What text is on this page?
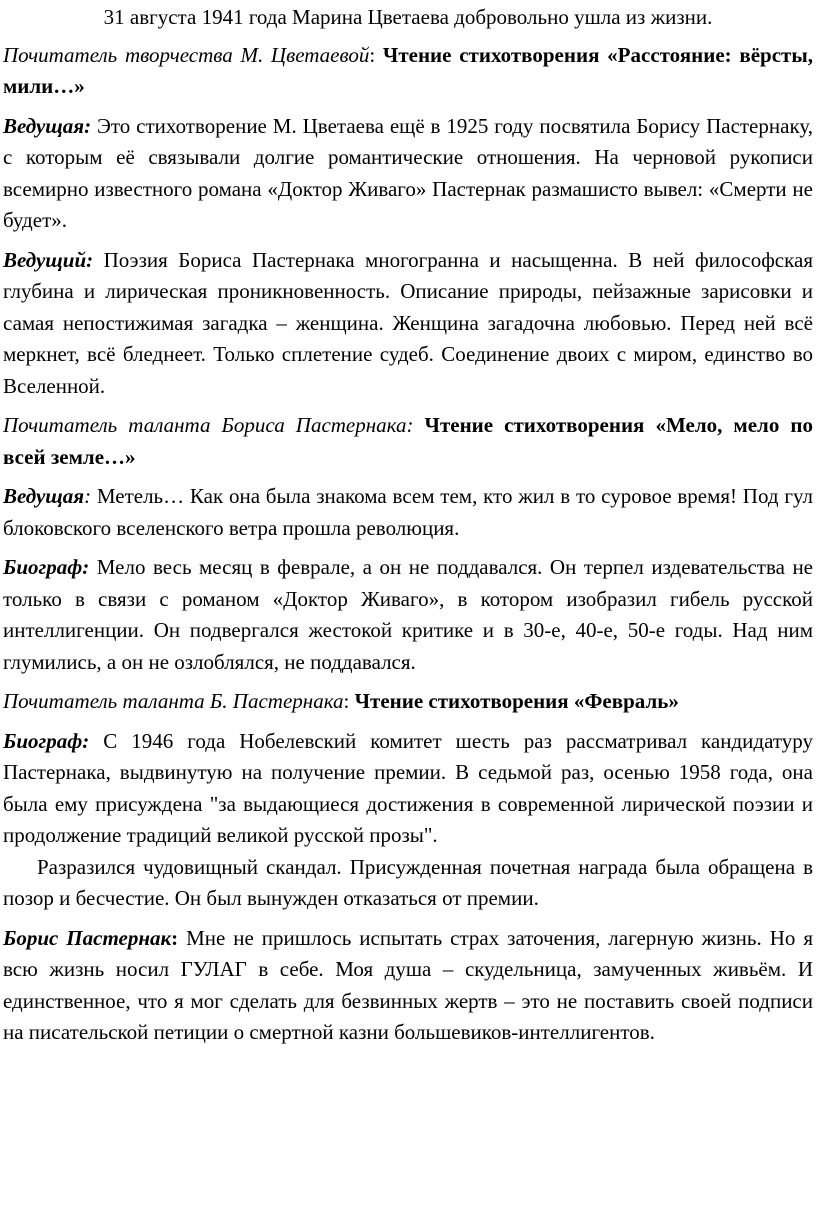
31 августа 1941 года Марина Цветаева добровольно ушла из жизни.

Почитатель творчества М. Цветаевой: Чтение стихотворения «Расстояние: вёрсты, мили…»

Ведущая: Это стихотворение М. Цветаева ещё в 1925 году посвятила Борису Пастернаку, с которым её связывали долгие романтические отношения. На черновой рукописи всемирно известного романа «Доктор Живаго» Пастернак размашисто вывел: «Смерти не будет».

Ведущий: Поэзия Бориса Пастернака многогранна и насыщенна. В ней философская глубина и лирическая проникновенность. Описание природы, пейзажные зарисовки и самая непостижимая загадка – женщина. Женщина загадочна любовью. Перед ней всё меркнет, всё бледнеет. Только сплетение судеб. Соединение двоих с миром, единство во Вселенной.

Почитатель таланта Бориса Пастернака: Чтение стихотворения «Мело, мело по всей земле…»

Ведущая: Метель… Как она была знакома всем тем, кто жил в то суровое время! Под гул блоковского вселенского ветра прошла революция.

Биограф: Мело весь месяц в феврале, а он не поддавался. Он терпел издевательства не только в связи с романом «Доктор Живаго», в котором изобразил гибель русской интеллигенции. Он подвергался жестокой критике и в 30-е, 40-е, 50-е годы. Над ним глумились, а он не озлоблялся, не поддавался.

Почитатель таланта Б. Пастернака: Чтение стихотворения «Февраль»

Биограф: С 1946 года Нобелевский комитет шесть раз рассматривал кандидатуру Пастернака, выдвинутую на получение премии. В седьмой раз, осенью 1958 года, она была ему присуждена "за выдающиеся достижения в современной лирической поэзии и продолжение традиций великой русской прозы".

Разразился чудовищный скандал. Присужденная почетная награда была обращена в позор и бесчестие. Он был вынужден отказаться от премии.

Борис Пастернак: Мне не пришлось испытать страх заточения, лагерную жизнь. Но я всю жизнь носил ГУЛАГ в себе. Моя душа – скудельница, замученных живьём. И единственное, что я мог сделать для безвинных жертв – это не поставить своей подписи на писательской петиции о смертной казни большевиков-интеллигентов.
